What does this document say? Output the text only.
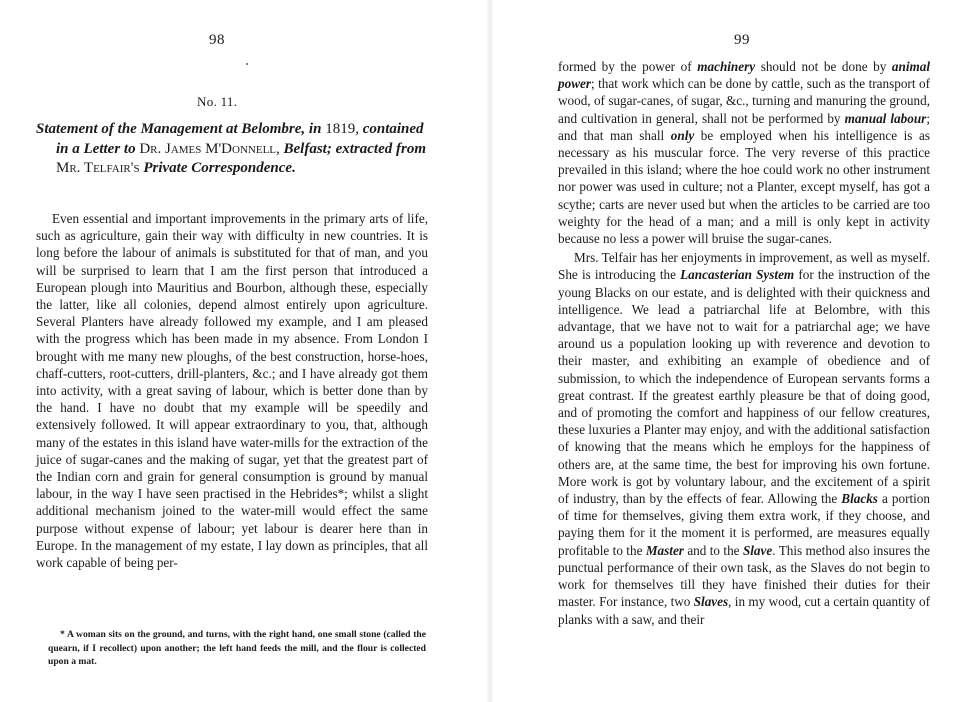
98
No. 11.
Statement of the Management at Belombre, in 1819, contained in a Letter to Dr. James M'Donnell, Belfast; extracted from Mr. Telfair's Private Correspondence.

Even essential and important improvements in the primary arts of life, such as agriculture, gain their way with difficulty in new countries. It is long before the labour of animals is substituted for that of man, and you will be surprised to learn that I am the first person that introduced a European plough into Mauritius and Bourbon, although these, especially the latter, like all colonies, depend almost entirely upon agriculture. Several Planters have already followed my example, and I am pleased with the progress which has been made in my absence. From London I brought with me many new ploughs, of the best construction, horse-hoes, chaff-cutters, root-cutters, drill-planters, &c.; and I have already got them into activity, with a great saving of labour, which is better done than by the hand. I have no doubt that my example will be speedily and extensively followed. It will appear extraordinary to you, that, although many of the estates in this island have water-mills for the extraction of the juice of sugar-canes and the making of sugar, yet that the greatest part of the Indian corn and grain for general consumption is ground by manual labour, in the way I have seen practised in the Hebrides*; whilst a slight additional mechanism joined to the water-mill would effect the same purpose without expense of labour; yet labour is dearer here than in Europe. In the management of my estate, I lay down as principles, that all work capable of being per-

* A woman sits on the ground, and turns, with the right hand, one small stone (called the quearn, if I recollect) upon another; the left hand feeds the mill, and the flour is collected upon a mat.
99

formed by the power of machinery should not be done by animal power; that work which can be done by cattle, such as the transport of wood, of sugar-canes, of sugar, &c., turning and manuring the ground, and cultivation in general, shall not be performed by manual labour; and that man shall only be employed when his intelligence is as necessary as his muscular force. The very reverse of this practice prevailed in this island; where the hoe could work no other instrument nor power was used in culture; not a Planter, except myself, has got a scythe; carts are never used but when the articles to be carried are too weighty for the head of a man; and a mill is only kept in activity because no less a power will bruise the sugar-canes.

Mrs. Telfair has her enjoyments in improvement, as well as myself. She is introducing the Lancasterian System for the instruction of the young Blacks on our estate, and is delighted with their quickness and intelligence. We lead a patriarchal life at Belombre, with this advantage, that we have not to wait for a patriarchal age; we have around us a population looking up with reverence and devotion to their master, and exhibiting an example of obedience and of submission, to which the independence of European servants forms a great contrast. If the greatest earthly pleasure be that of doing good, and of promoting the comfort and happiness of our fellow creatures, these luxuries a Planter may enjoy, and with the additional satisfaction of knowing that the means which he employs for the happiness of others are, at the same time, the best for improving his own fortune. More work is got by voluntary labour, and the excitement of a spirit of industry, than by the effects of fear. Allowing the Blacks a portion of time for themselves, giving them extra work, if they choose, and paying them for it the moment it is performed, are measures equally profitable to the Master and to the Slave. This method also insures the punctual performance of their own task, as the Slaves do not begin to work for themselves till they have finished their duties for their master. For instance, two Slaves, in my wood, cut a certain quantity of planks with a saw, and their
